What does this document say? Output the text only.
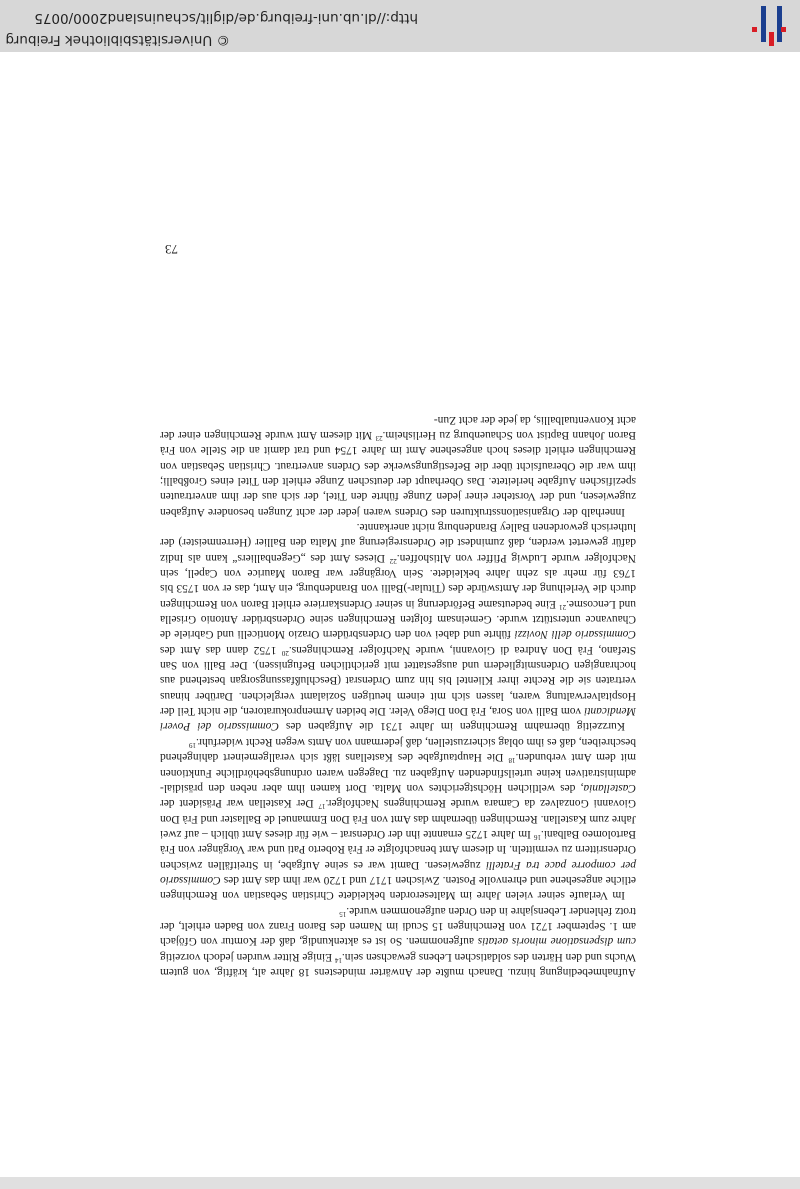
Aufnahmebedingung hinzu. Danach mußte der Anwärter mindestens 18 Jahre alt, kräftig, von gutem Wuchs und den Härten des soldatischen Lebens gewachsen sein.$^{14}$ Einige Ritter wurden jedoch vorzeitig cum dispensatione minoris aetatis aufgenommen. So ist es aktenkundig, daß der Komtur von Gföjach am 1. September 1721 von Remchingen 15 Scudi im Namen des Baron Franz von Baden erhielt, der trotz fehlender Lebensjahre in den Orden aufgenommen wurde.$^{15}$

Im Verlaufe seiner vielen Jahre im Malteserorden bekleidete Christian Sebastian von Remchingen etliche angesehene und ehrenvolle Posten. Zwischen 1717 und 1720 war ihm das Amt des Commissario per comporre pace tra Fratelli zugewiesen. Damit war es seine Aufgabe, in Streitfällen zwischen Ordensrittern zu vermitteln. In diesem Amt benachfolgte er Frà Roberto Pati und war Vorgänger von Frà Bartolomeo Balbani.$^{16}$ Im Jahre 1725 ernannte ihn der Ordensrat – wie für dieses Amt üblich – auf zwei Jahre zum Kastellan. Remchingen übernahm das Amt von Frà Don Emmanuel de Ballaster und Frà Don Giovanni Gonzalvez da Camara wurde Remchingens Nachfolger.$^{17}$ Der Kastellan war Präsident der Castellania, des weltlichen Höchstgerichtes von Malta. Dort kamen ihm aber neben den präsidial-administrativen keine urteilsfindenden Aufgaben zu. Dagegen waren ordnungsbehördliche Funktionen mit dem Amt verbunden.$^{18}$ Die Hauptaufgabe des Kastellans läßt sich verallgemeinert dahingehend beschreiben, daß es ihm oblag sicherzustellen, daß jedermann von Amts wegen Recht widerfuhr.$^{19}$

Kurzzeitig übernahm Remchingen im Jahre 1731 die Aufgaben des Commissario dei Poveri Mendicanti vom Balli von Sora, Frà Don Diego Veler. Die beiden Armenprokuratoren, die nicht Teil der Hospitalverwaltung waren, lassen sich mit einem heutigen Sozialamt vergleichen. Darüber hinaus vertraten sie die Rechte ihrer Klientel bis hin zum Ordensrat (Beschlußfassungsorgan bestehend aus hochrangigen Ordensmitgliedern und ausgestattet mit gerichtlichen Befugnissen). Der Balli von San Stefano, Frà Don Andrea di Giovanni, wurde Nachfolger Remchingens.$^{20}$ 1752 dann das Amt des Commissario delli Novizzi führte und dabei von den Ordensbrüdern Orazio Monticelli und Gabriele de Chauvance unterstützt wurde. Gemeinsam folgten Remchingen seine Ordensbrüder Antonio Grisella und Lencosme.$^{21}$ Eine bedeutsame Beförderung in seiner Ordenskarriere erhielt Baron von Remchingen durch die Verleihung der Amtswürde des (Titular-)Balli von Brandenburg, ein Amt, das er von 1753 bis 1763 für mehr als zehn Jahre bekleidete. Sein Vorgänger war Baron Maurice von Capell, sein Nachfolger wurde Ludwig Pfiffer von Altishoffen.$^{22}$ Dieses Amt des „Gegenballiers“ kann als Indiz dafür gewertet werden, daß zumindest die Ordensregierung auf Malta den Ballier (Herrenmeister) der lutherisch gewordenen Balley Brandenburg nicht anerkannte.

Innerhalb der Organisationsstrukturen des Ordens waren jeder der acht Zungen besondere Aufgaben zugewiesen, und der Vorsteher einer jeden Zunge führte den Titel, der sich aus der ihm anvertrauten spezifischen Aufgabe herleitete. Das Oberhaupt der deutschen Zunge erhielt den Titel eines Großballi; ihm war die Oberaufsicht über die Befestigungswerke des Ordens anvertraut. Christian Sebastian von Remchingen erhielt dieses hoch angesehene Amt im Jahre 1754 und trat damit an die Stelle von Frà Baron Johann Baptist von Schauenburg zu Herlisheim.$^{23}$ Mit diesem Amt wurde Remchingen einer der acht Konventualballis, da jede der acht Zun-

73
http://dl.ub.uni-freiburg.de/diglit/schauinsland2000/0075
© Universitätsbibliothek Freiburg
